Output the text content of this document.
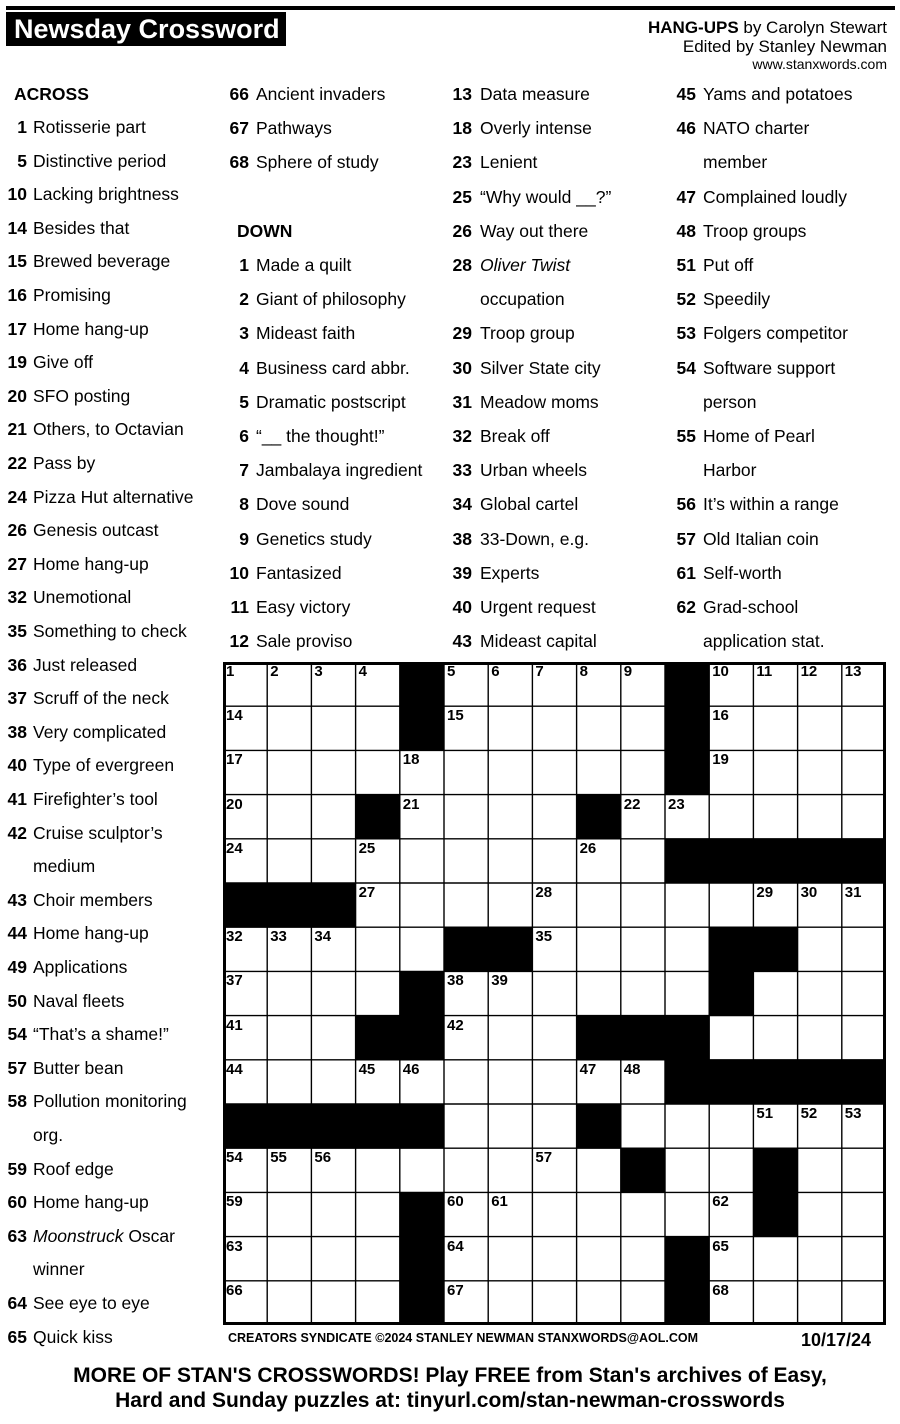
Newsday Crossword	HANG-UPS by Carolyn Stewart
Edited by Stanley Newman
www.stanxwords.com
ACROSS
DOWN
1 Rotisserie part
5 Distinctive period
10 Lacking brightness
14 Besides that
15 Brewed beverage
16 Promising
17 Home hang-up
19 Give off
20 SFO posting
21 Others, to Octavian
22 Pass by
24 Pizza Hut alternative
26 Genesis outcast
27 Home hang-up
32 Unemotional
35 Something to check
36 Just released
37 Scruff of the neck
38 Very complicated
40 Type of evergreen
41 Firefighter’s tool
42 Cruise sculptor’s
medium
43 Choir members
44 Home hang-up
49 Applications
50 Naval fleets
54 “That’s a shame!”
57 Butter bean
58 Pollution monitoring
org.
59 Roof edge
60 Home hang-up
63 Moonstruck Oscar
winner
64 See eye to eye
65 Quick kiss
66 Ancient invaders
67 Pathways
68 Sphere of study
1 Made a quilt
2 Giant of philosophy
3 Mideast faith
4 Business card abbr.
5 Dramatic postscript
6 “__ the thought!”
7 Jambalaya ingredient
8 Dove sound
9 Genetics study
10 Fantasized
11 Easy victory
12 Sale proviso
13 Data measure
18 Overly intense
23 Lenient
25 “Why would __?”
26 Way out there
28 Oliver Twist
occupation
29 Troop group
30 Silver State city
31 Meadow moms
32 Break off
33 Urban wheels
34 Global cartel
38 33-Down, e.g.
39 Experts
40 Urgent request
43 Mideast capital
45 Yams and potatoes
46 NATO charter
member
47 Complained loudly
48 Troop groups
51 Put off
52 Speedily
53 Folgers competitor
54 Software support
person
55 Home of Pearl
Harbor
56 It’s within a range
57 Old Italian coin
61 Self-worth
62 Grad-school
application stat.
1 2 3 4	5 6 7 8 9	10 11 12 13
14	15	16
17	18	19
20	21	22 23
24	25	26
27	28	29 30 31
32 33 34	35	36
37	38 39	40
41	42	43
44	45 46	47 48
49	50	51 52 53
54 55 56	57	58
59	60 61	62
63	64	65
66	67	68
CREATORS SYNDICATE ©2024 STANLEY NEWMAN STANXWORDS@AOL.COM	10/17/24
MORE OF STAN'S CROSSWORDS! Play FREE from Stan's archives of Easy,
Hard and Sunday puzzles at: tinyurl.com/stan-newman-crosswords
